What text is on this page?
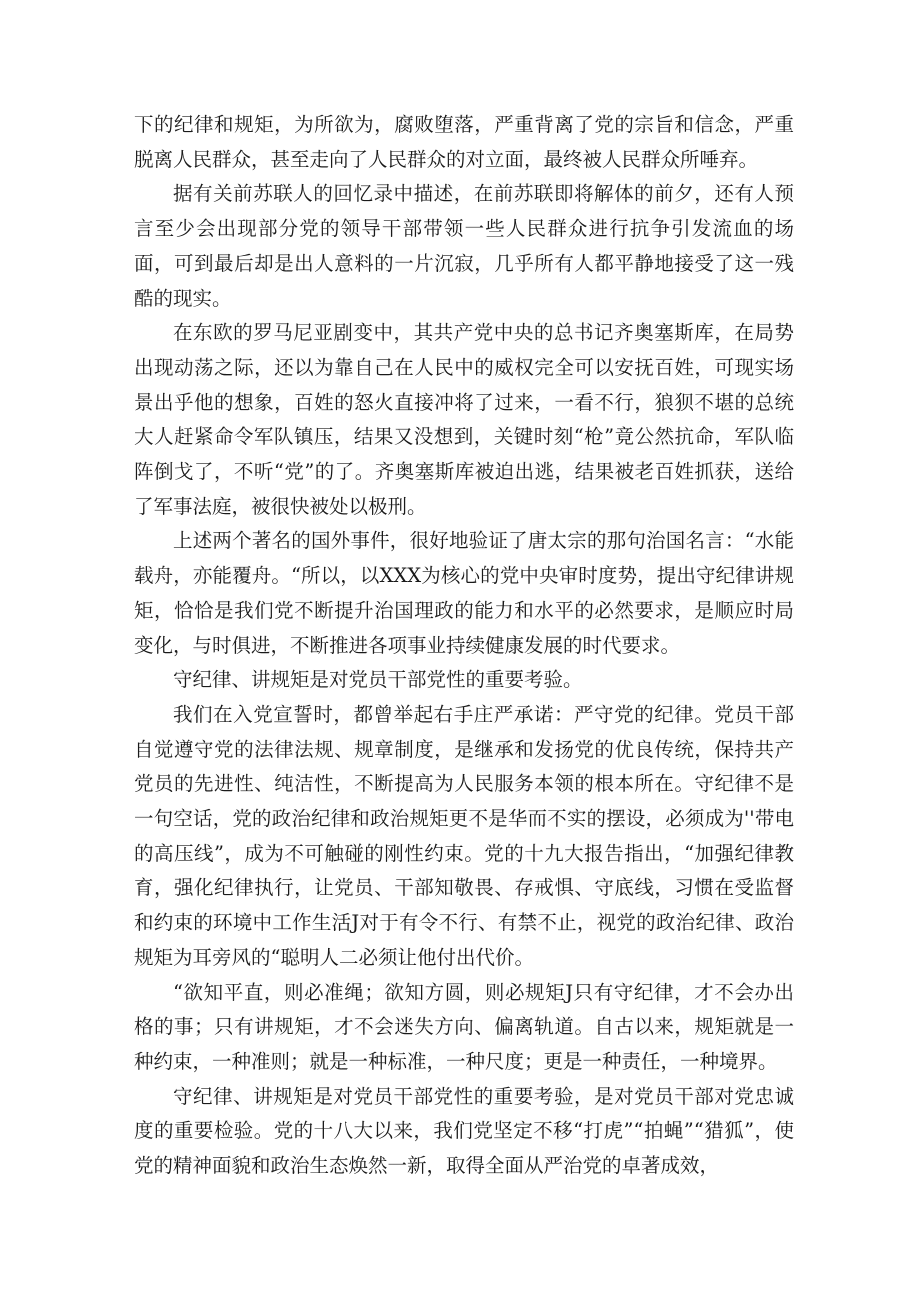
下的纪律和规矩，为所欲为，腐败堕落，严重背离了党的宗旨和信念，严重脱离人民群众，甚至走向了人民群众的对立面，最终被人民群众所唾弃。

据有关前苏联人的回忆录中描述，在前苏联即将解体的前夕，还有人预言至少会出现部分党的领导干部带领一些人民群众进行抗争引发流血的场面，可到最后却是出人意料的一片沉寂，几乎所有人都平静地接受了这一残酷的现实。

在东欧的罗马尼亚剧变中，其共产党中央的总书记齐奥塞斯库，在局势出现动荡之际，还以为靠自己在人民中的威权完全可以安抚百姓，可现实场景出乎他的想象，百姓的怒火直接冲将了过来，一看不行，狼狈不堪的总统大人赶紧命令军队镇压，结果又没想到，关键时刻“枪”竟公然抗命，军队临阵倒戈了，不听“党”的了。齐奥塞斯库被迫出逃，结果被老百姓抓获，送给了军事法庭，被很快被处以极刑。

上述两个著名的国外事件，很好地验证了唐太宗的那句治国名言：“水能载舟，亦能覆舟。“所以，以XXX为核心的党中央审时度势，提出守纪律讲规矩，恰恰是我们党不断提升治国理政的能力和水平的必然要求，是顺应时局变化，与时俱进，不断推进各项事业持续健康发展的时代要求。

守纪律、讲规矩是对党员干部党性的重要考验。

我们在入党宣誓时，都曾举起右手庄严承诺：严守党的纪律。党员干部自觉遵守党的法律法规、规章制度，是继承和发扬党的优良传统，保持共产党员的先进性、纯洁性，不断提高为人民服务本领的根本所在。守纪律不是一句空话，党的政治纪律和政治规矩更不是华而不实的摆设，必须成为''带电的高压线”，成为不可触碰的刚性约束。党的十九大报告指出，“加强纪律教育，强化纪律执行，让党员、干部知敬畏、存戒惧、守底线，习惯在受监督和约束的环境中工作生活J对于有令不行、有禁不止，视党的政治纪律、政治规矩为耳旁风的“聪明人二必须让他付出代价。

“欲知平直，则必准绳；欲知方圆，则必规矩J只有守纪律，才不会办出格的事；只有讲规矩，才不会迷失方向、偏离轨道。自古以来，规矩就是一种约束，一种准则；就是一种标准，一种尺度；更是一种责任，一种境界。

守纪律、讲规矩是对党员干部党性的重要考验，是对党员干部对党忠诚度的重要检验。党的十八大以来，我们党坚定不移“打虎”“拍蝇”“猎狐”，使党的精神面貌和政治生态焕然一新，取得全面从严治党的卓著成效，
